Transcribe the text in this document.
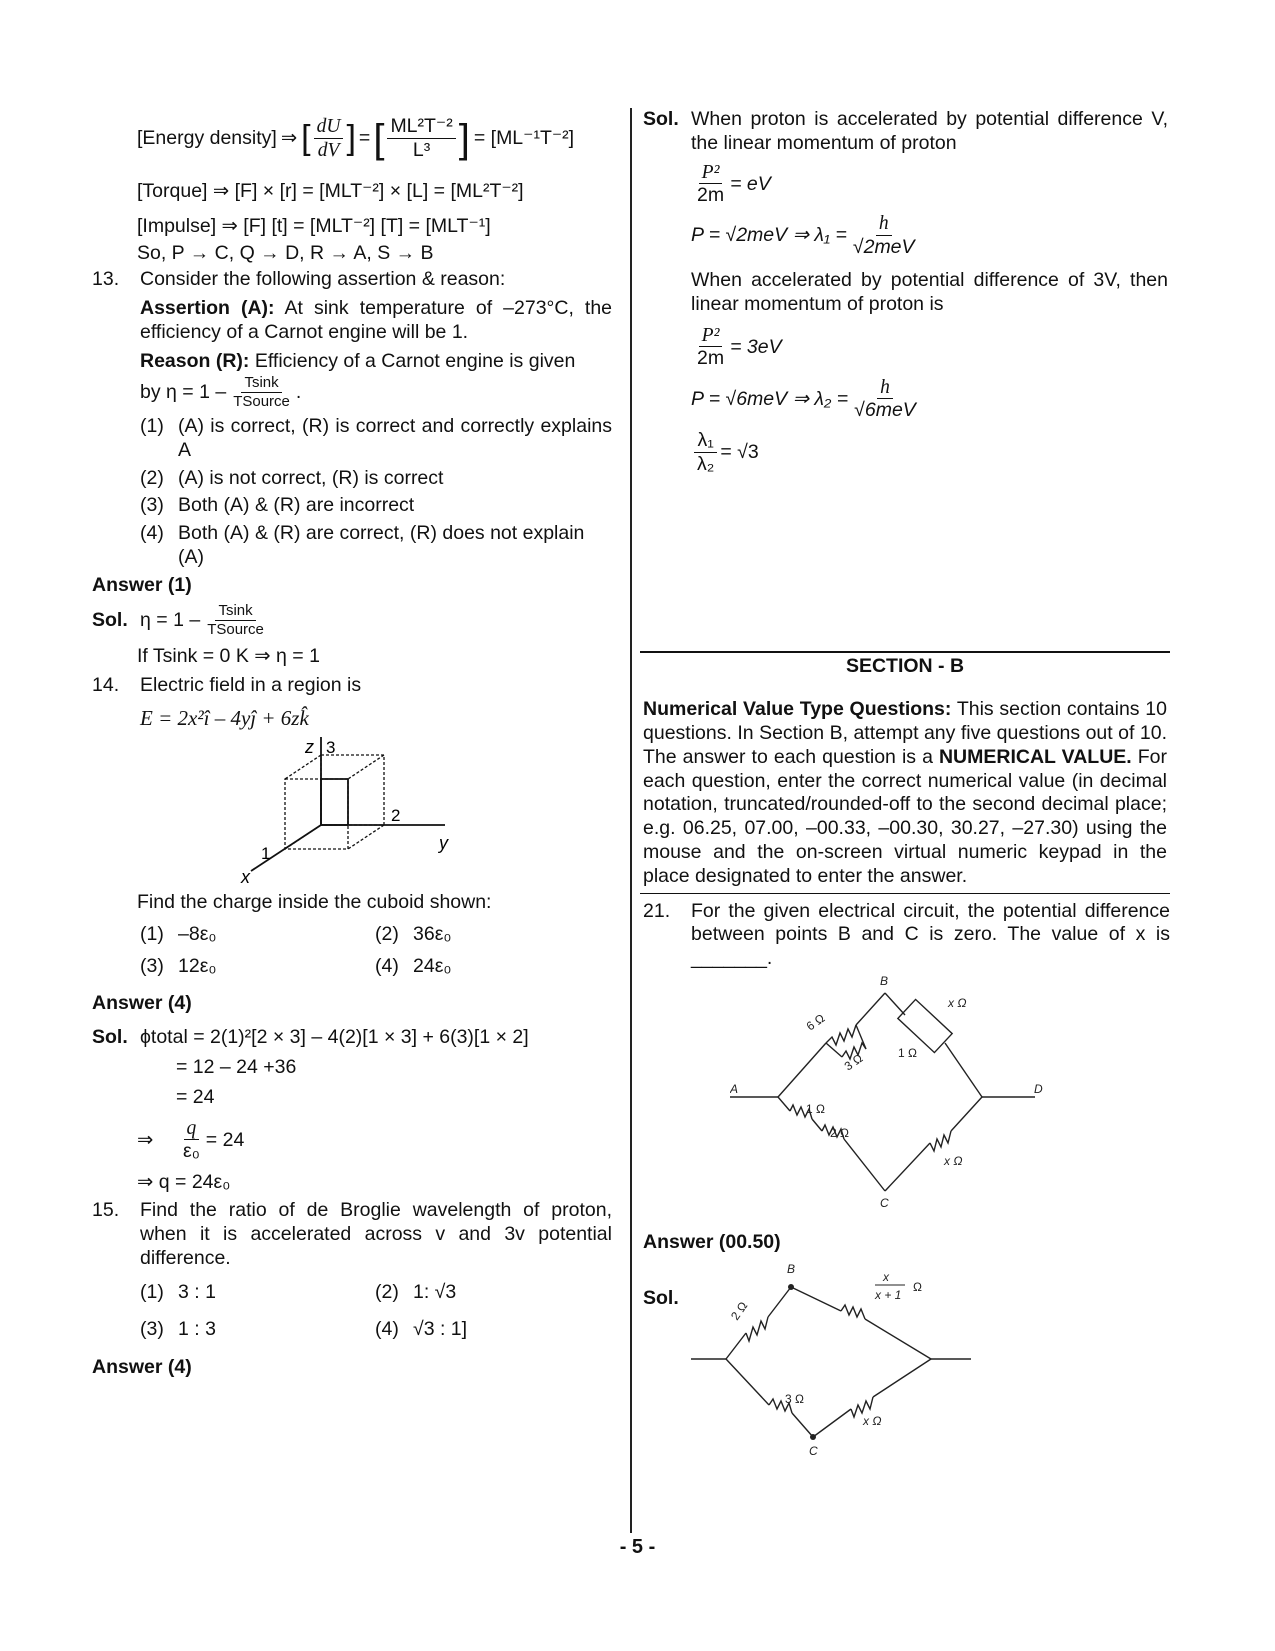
[Energy density] ⇒ [ $\frac{dU}{dV}$ ] = [ $\frac{\text{ML²T⁻²}}{\text{L³}}$ ] = [ML⁻¹T⁻²]

[Torque] ⇒ [F] × [r] = [MLT⁻²] × [L] = [ML²T⁻²]

[Impulse] ⇒ [F] [t] = [MLT⁻²] [T] = [MLT⁻¹]

So, P → C, Q → D, R → A, S → B

13. Consider the following assertion & reason:

Assertion (A): At sink temperature of –273°C, the efficiency of a Carnot engine will be 1.

Reason (R): Efficiency of a Carnot engine is given

by $\eta = 1 - \frac{Tsink}{\text{TSource}}$ .

(1) (A) is correct, (R) is correct and correctly explains A
(2) (A) is not correct, (R) is correct
(3) Both (A) & (R) are incorrect
(4) Both (A) & (R) are correct, (R) does not explain (A)

Answer (1)

Sol. $\eta = 1 - \frac{Tsink}{\text{TSource}}$

If Tsink = 0 K ⇒ η = 1

14. Electric field in a region is

E = 2x²î – 4yĵ + 6zk̂

z 3
2
y
1
x

Find the charge inside the cuboid shown:

(1) –8ε₀	(2) 36ε₀
(3) 12ε₀	(4) 24ε₀

Answer (4)

Sol. ϕtotal = 2(1)²[2 × 3] – 4(2)[1 × 3] + 6(3)[1 × 2]

= 12 – 24 +36

= 24

⇒	$\frac{q}{\text{ε₀}} = 24$

⇒ q = 24ε₀

15. Find the ratio of de Broglie wavelength of proton, when it is accelerated across v and 3v potential difference.

(1) 3 : 1	(2) 1: √3
(3) 1 : 3	(4) √3 : 1]

Answer (4)

Sol. When proton is accelerated by potential difference V, the linear momentum of proton

$\frac{\text{P²}}{2m}$ = eV
P = √2meV ⇒ $\lambda_1 = \frac{h}{\text{√2meV}}$

When accelerated by potential difference of 3V, then linear momentum of proton is

$\frac{\text{P²}}{2m} = 3eV$
P = √6meV ⇒ $\lambda_2 = \frac{h}{\text{√6meV}}$
$\frac{\text{λ₁}}{\text{λ₂}} = √3$

SECTION - B

Numerical Value Type Questions: This section contains 10 questions. In Section B, attempt any five questions out of 10. The answer to each question is a NUMERICAL VALUE. For each question, enter the correct numerical value (in decimal notation, truncated/rounded-off to the second decimal place; e.g. 06.25, 07.00, –00.33, –00.30, 30.27, –27.30) using the mouse and the on-screen virtual numeric keypad in the place designated to enter the answer.

21. For the given electrical circuit, the potential difference between points B and C is zero. The value of x is _______.

A
B
C
D
6 Ω
3 Ω	1 Ω
x Ω
1 Ω
2 Ω
x Ω

Answer (00.50)

Sol.
B
C
2 Ω
3 Ω
x Ω
x
x + 1
Ω
- 5 -
